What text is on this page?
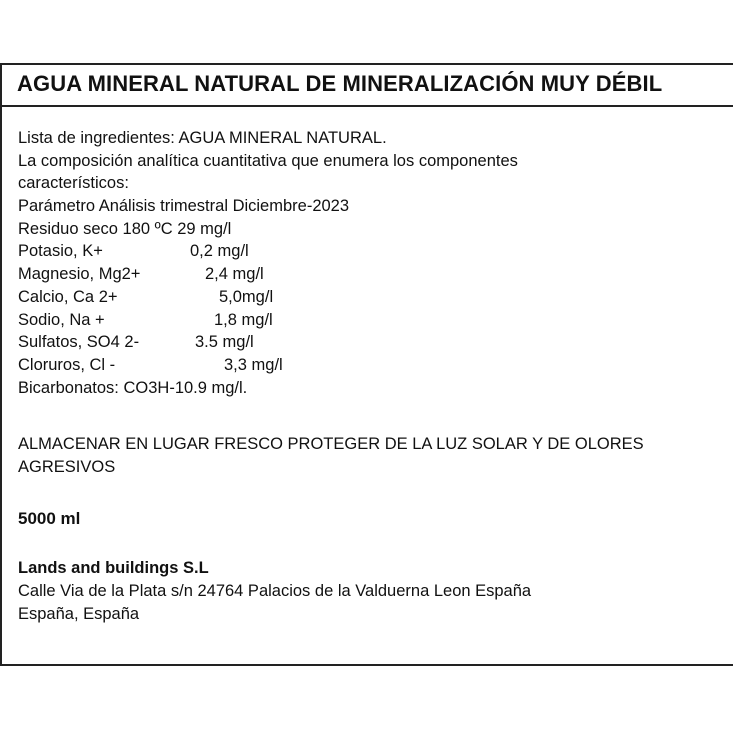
AGUA MINERAL NATURAL DE MINERALIZACIÓN MUY DÉBIL
Lista de ingredientes: AGUA MINERAL NATURAL.
La composición analítica cuantitativa que enumera los componentes
característicos:
Parámetro Análisis trimestral Diciembre-2023
Residuo seco 180 ºC 29 mg/l
Potasio, K+	0,2 mg/l
Magnesio, Mg2+	2,4 mg/l
Calcio, Ca 2+	5,0mg/l
Sodio, Na +	1,8 mg/l
Sulfatos, SO4 2-	3.5 mg/l
Cloruros, Cl -	3,3 mg/l
Bicarbonatos: CO3H-10.9 mg/l.
ALMACENAR EN LUGAR FRESCO PROTEGER DE LA LUZ SOLAR Y DE OLORES AGRESIVOS
5000 ml
Lands and buildings S.L
Calle Via de la Plata s/n 24764 Palacios de la Valduerna Leon España
España, España
